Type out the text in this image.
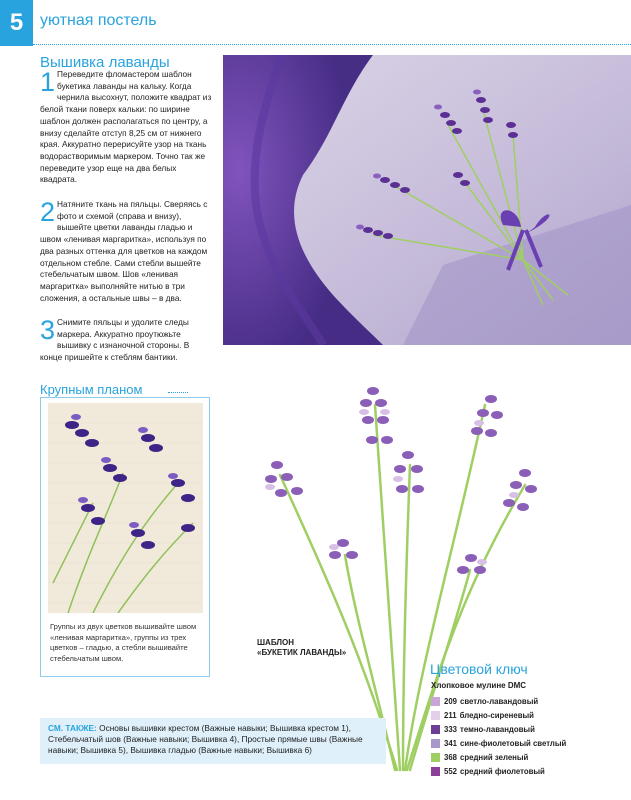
5	уютная постель
Вышивка лаванды
1 Переведите фломастером шаблон букетика лаванды на кальку. Когда чернила высохнут, положите квадрат из белой ткани поверх кальки: по ширине шаблон должен располагаться по центру, а внизу сделайте отступ 8,25 см от нижнего края. Аккуратно перерисуйте узор на ткань водорастворимым маркером. Точно так же переведите узор еще на два белых квадрата.
2 Натяните ткань на пяльцы. Сверяясь с фото и схемой (справа и внизу), вышейте цветки лаванды гладью и швом «ленивая маргаритка», используя по два разных оттенка для цветков на каждом отдельном стебле. Сами стебли вышейте стебельчатым швом. Шов «ленивая маргаритка» выполняйте нитью в три сложения, а остальные швы – в два.
3 Снимите пяльцы и удолите следы маркера. Аккуратно проутюжьте вышивку с изнаночной стороны. В конце пришейте к стеблям бантики.
Крупным планом
Группы из двух цветков вышивайте швом «ленивая маргаритка», группы из трех цветков – гладью, а стебли вышивайте стебельчатым швом.
ШАБЛОН
«БУКЕТИК ЛАВАНДЫ»
Цветовой ключ
Хлопковое мулине DMC
209 светло-лавандовый
211 бледно-сиреневый
333 темно-лавандовый
341 сине-фиолетовый светлый
368 средний зеленый
552 средний фиолетовый
СМ. ТАКЖЕ: Основы вышивки крестом (Важные навыки; Вышивка крестом 1), Стебельчатый шов (Важные навыки; Вышивка 4), Простые прямые швы (Важные навыки; Вышивка 5), Вышивка гладью (Важные навыки; Вышивка 6)
